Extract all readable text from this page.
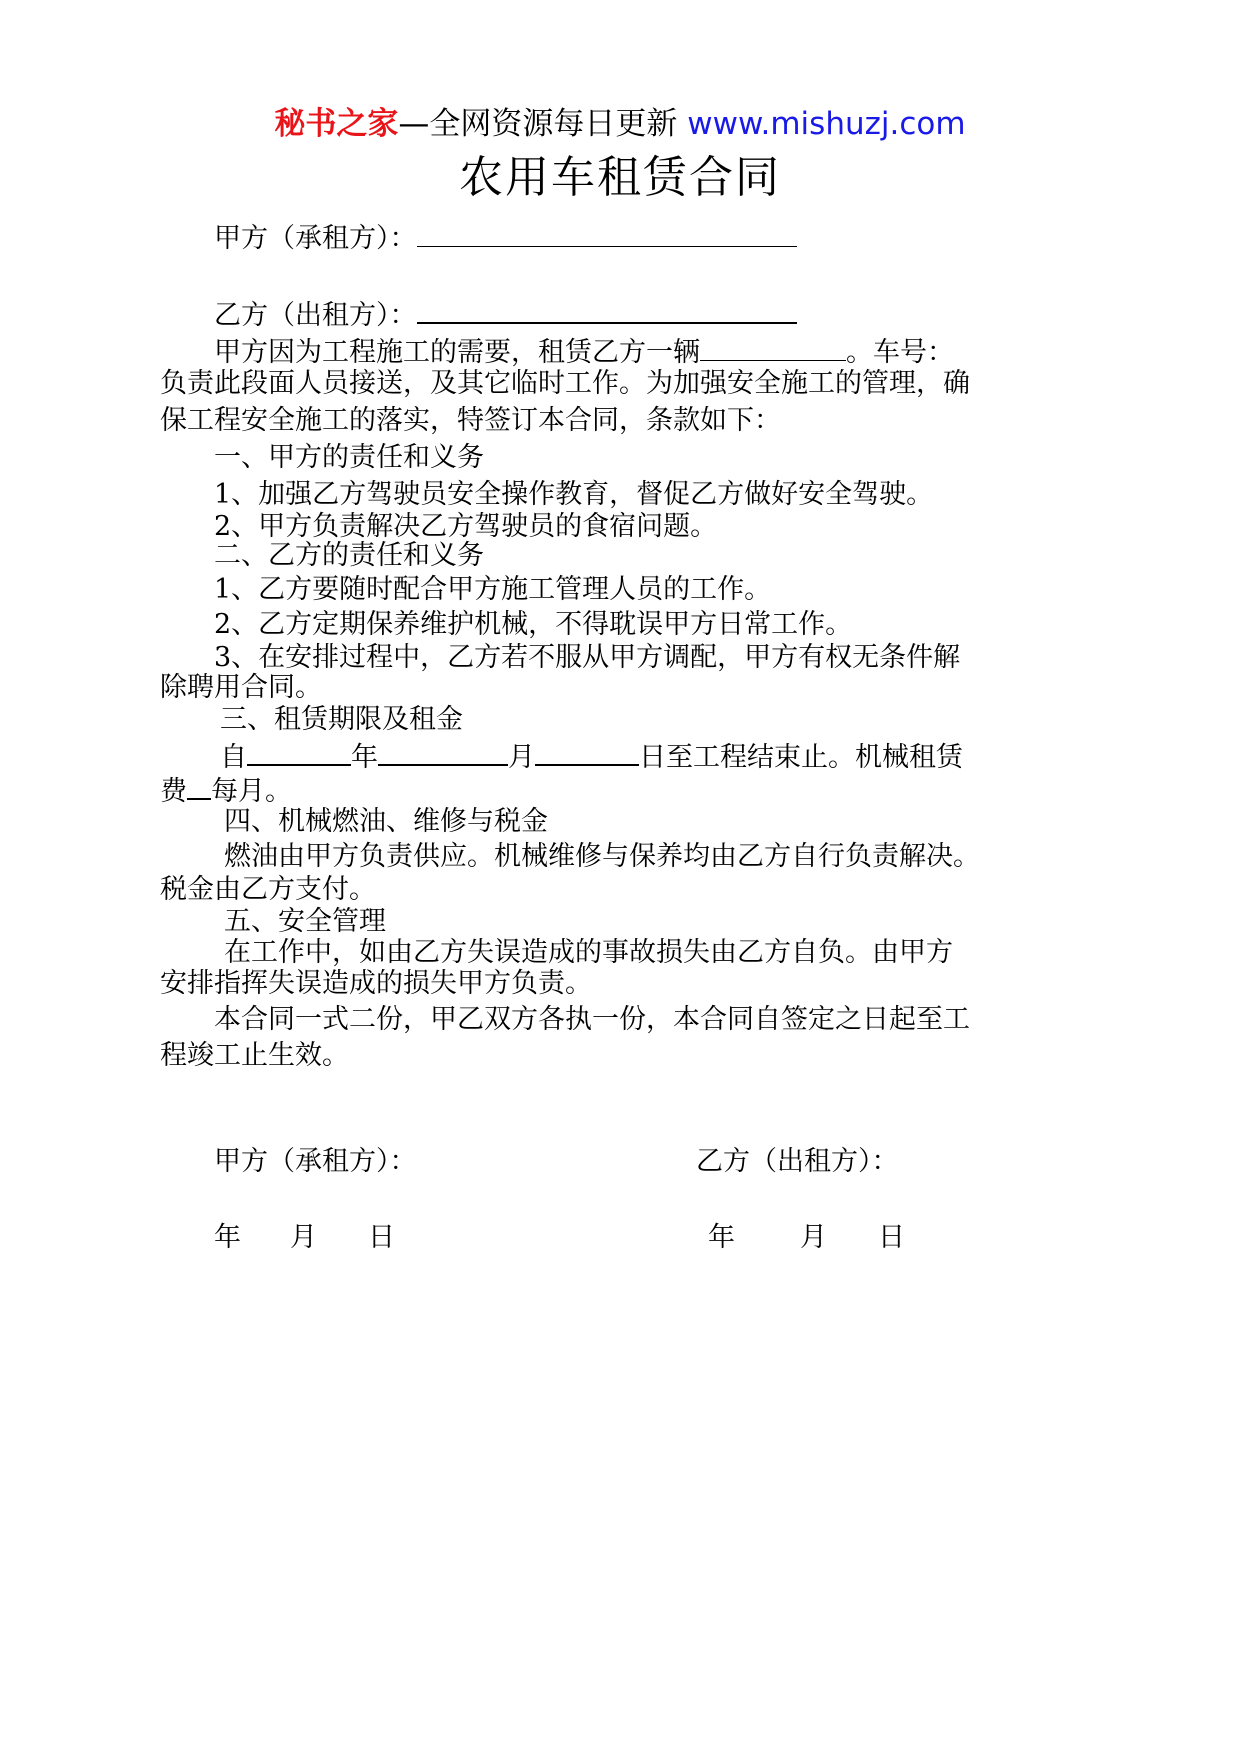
秘书之家—全网资源每日更新 www.mishuzj.com
农用车租赁合同
甲方（承租方）：
乙方（出租方）：
甲方因为工程施工的需要，租赁乙方一辆	。车号：
负责此段面人员接送，及其它临时工作。为加强安全施工的管理，确
保工程安全施工的落实，特签订本合同，条款如下：
一、甲方的责任和义务
1、加强乙方驾驶员安全操作教育，督促乙方做好安全驾驶。
2、甲方负责解决乙方驾驶员的食宿问题。
二、乙方的责任和义务
1、乙方要随时配合甲方施工管理人员的工作。
2、乙方定期保养维护机械，不得耽误甲方日常工作。
3、在安排过程中，乙方若不服从甲方调配，甲方有权无条件解
除聘用合同。
三、租赁期限及租金
自	年	月	日至工程结束止。机械租赁
费 每月。
四、机械燃油、维修与税金
燃油由甲方负责供应。机械维修与保养均由乙方自行负责解决。
税金由乙方支付。
五、安全管理
在工作中，如由乙方失误造成的事故损失由乙方自负。由甲方
安排指挥失误造成的损失甲方负责。
本合同一式二份，甲乙双方各执一份，本合同自签定之日起至工
程竣工止生效。
甲方（承租方）：	乙方（出租方）：
年 月 日	年 月 日
